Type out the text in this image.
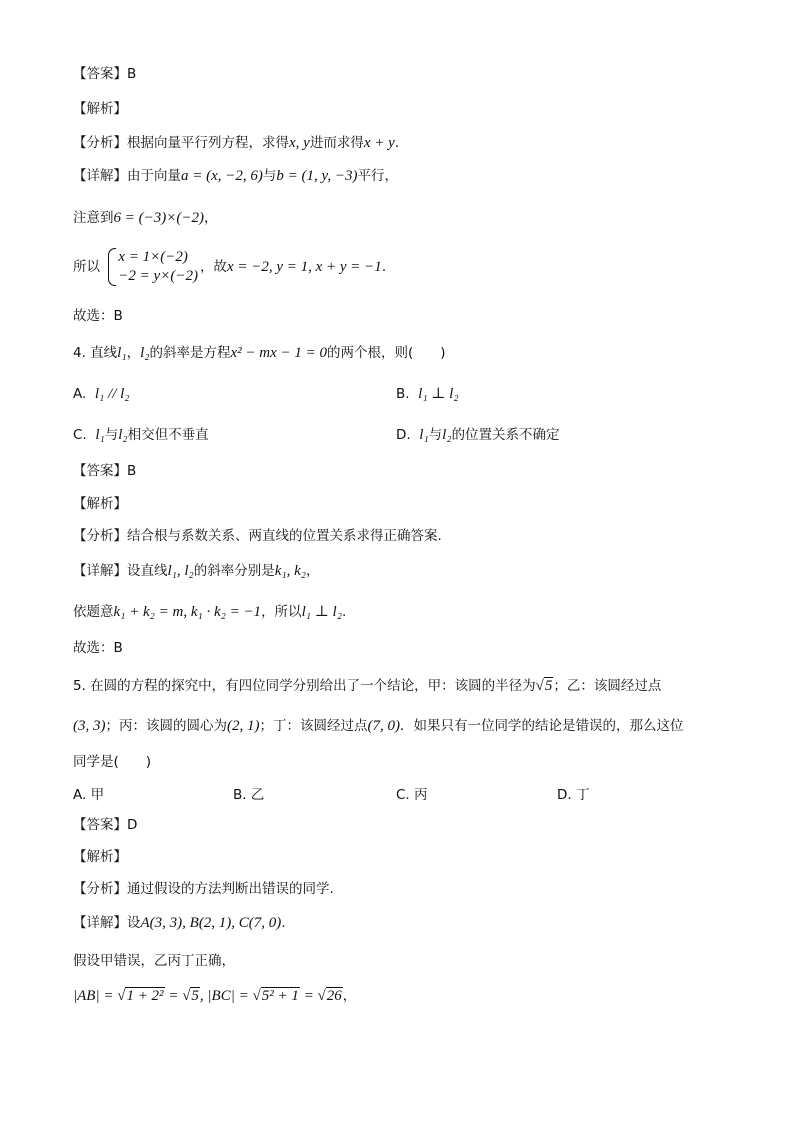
【答案】B
【解析】
【分析】根据向量平行列方程，求得x, y进而求得x + y.
【详解】由于向量a = (x, −2, 6)与b = (1, y, −3)平行，
注意到6 = (−3)×(−2)，
所以
x = 1×(−2)
−2 = y×(−2)
，故x = −2, y = 1, x + y = −1.
故选：B
4. 直线l₁，l₂的斜率是方程x² − mx − 1 = 0的两个根，则(　　)
A. l₁ // l₂	B. l₁ ⊥ l₂
C. l₁与l₂相交但不垂直	D. l₁与l₂的位置关系不确定
【答案】B
【解析】
【分析】结合根与系数关系、两直线的位置关系求得正确答案.
【详解】设直线l₁, l₂的斜率分别是k₁, k₂，
依题意k₁ + k₂ = m, k₁ · k₂ = −1，所以l₁ ⊥ l₂.
故选：B
5. 在圆的方程的探究中，有四位同学分别给出了一个结论，甲：该圆的半径为√5；乙：该圆经过点
(3, 3)；丙：该圆的圆心为(2, 1)；丁：该圆经过点(7, 0)．如果只有一位同学的结论是错误的，那么这位
同学是(　　)
A. 甲	B. 乙	C. 丙	D. 丁
【答案】D
【解析】
【分析】通过假设的方法判断出错误的同学.
【详解】设A(3, 3), B(2, 1), C(7, 0).
假设甲错误，乙丙丁正确，
|AB| = √1 + 2² = √5, |BC| = √5² + 1 = √26，
